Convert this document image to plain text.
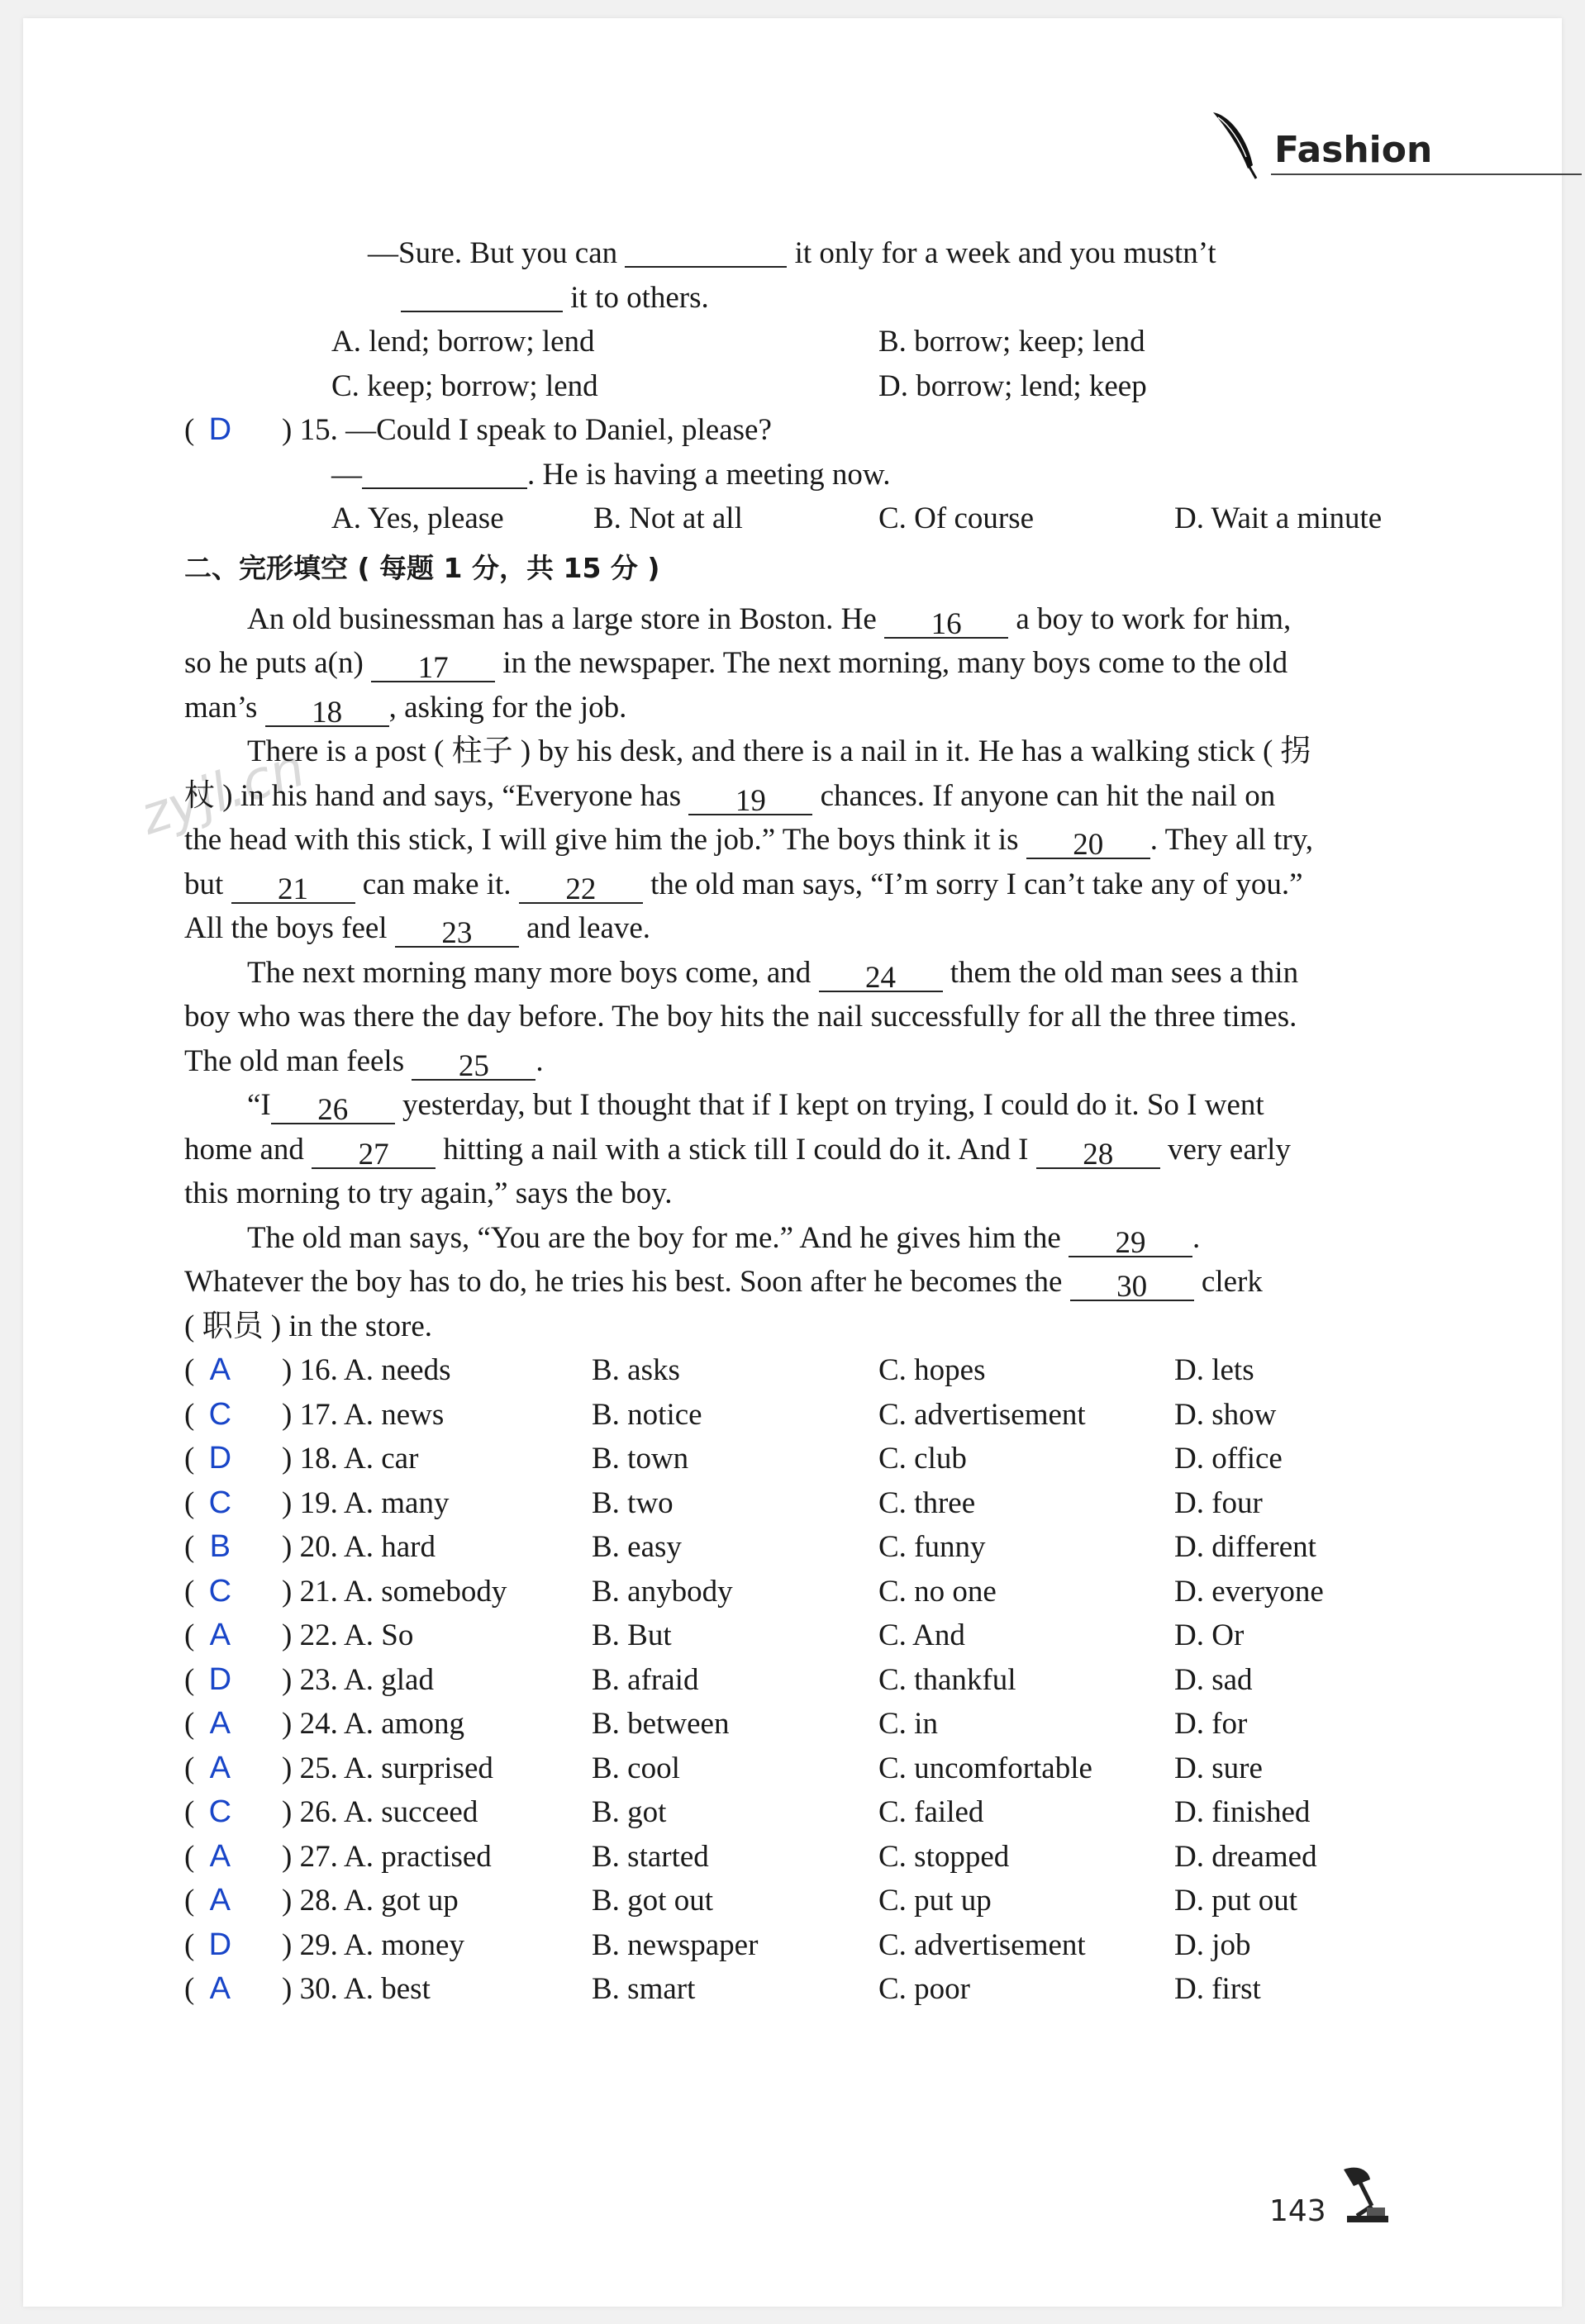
Fashion
zyjl.cn
—Sure. But you can	it only for a week and you mustn’t
it to others.
A. lend; borrow; lend	B. borrow; keep; lend
C. keep; borrow; lend	D. borrow; lend; keep
( D ) 15. —Could I speak to Daniel, please?
—	. He is having a meeting now.
A. Yes, please	B. Not at all	C. Of course	D. Wait a minute
二、完形填空 ( 每题 1 分，共 15 分 )
An old businessman has a large store in Boston. He 16 a boy to work for him,
so he puts a(n) 17 in the newspaper. The next morning, many boys come to the old
man’s 18 , asking for the job.
There is a post ( 柱子 ) by his desk, and there is a nail in it. He has a walking stick ( 拐
杖 ) in his hand and says, “Everyone has 19 chances. If anyone can hit the nail on
the head with this stick, I will give him the job.” The boys think it is 20 . They all try,
but 21 can make it. 22 the old man says, “I’m sorry I can’t take any of you.”
All the boys feel 23 and leave.
The next morning many more boys come, and 24 them the old man sees a thin
boy who was there the day before. The boy hits the nail successfully for all the three times.
The old man feels 25 .
“I 26 yesterday, but I thought that if I kept on trying, I could do it. So I went
home and 27 hitting a nail with a stick till I could do it. And I 28 very early
this morning to try again,” says the boy.
The old man says, “You are the boy for me.” And he gives him the 29 .
Whatever the boy has to do, he tries his best. Soon after he becomes the 30 clerk
( 职员 ) in the store.
( A ) 16. A. needs	B. asks	C. hopes	D. lets
( C ) 17. A. news	B. notice	C. advertisement	D. show
( D ) 18. A. car	B. town	C. club	D. office
( C ) 19. A. many	B. two	C. three	D. four
( B ) 20. A. hard	B. easy	C. funny	D. different
( C ) 21. A. somebody	B. anybody	C. no one	D. everyone
( A ) 22. A. So	B. But	C. And	D. Or
( D ) 23. A. glad	B. afraid	C. thankful	D. sad
( A ) 24. A. among	B. between	C. in	D. for
( A ) 25. A. surprised	B. cool	C. uncomfortable	D. sure
( C ) 26. A. succeed	B. got	C. failed	D. finished
( A ) 27. A. practised	B. started	C. stopped	D. dreamed
( A ) 28. A. got up	B. got out	C. put up	D. put out
( D ) 29. A. money	B. newspaper	C. advertisement	D. job
( A ) 30. A. best	B. smart	C. poor	D. first
143
